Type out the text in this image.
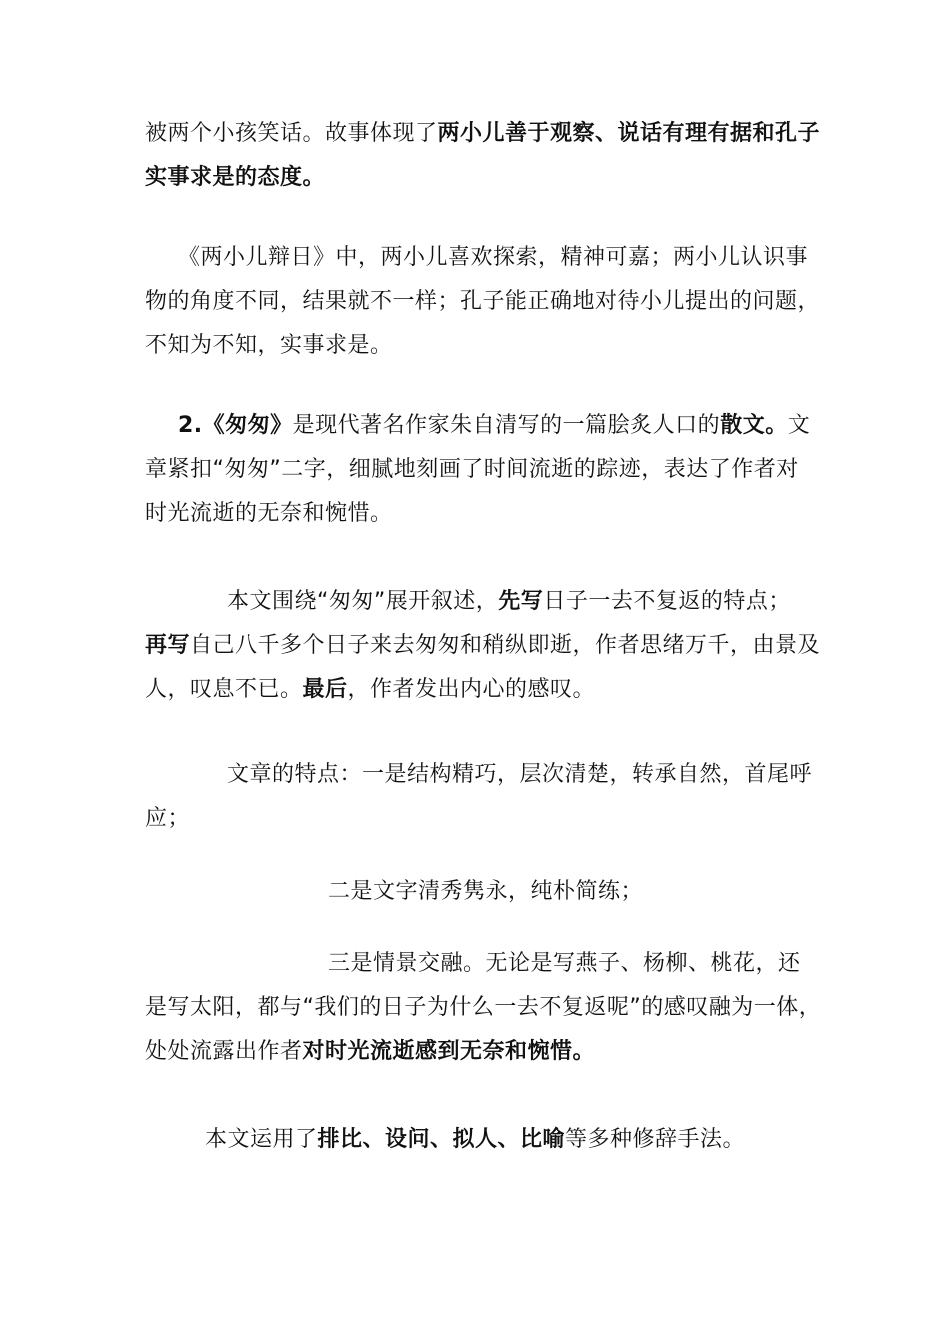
被两个小孩笑话。故事体现了两小儿善于观察、说话有理有据和孔子
实事求是的态度。

《两小儿辩日》中，两小儿喜欢探索，精神可嘉；两小儿认识事
物的角度不同，结果就不一样；孔子能正确地对待小儿提出的问题，
不知为不知，实事求是。

2.《匆匆》是现代著名作家朱自清写的一篇脍炙人口的散文。文
章紧扣“匆匆”二字，细腻地刻画了时间流逝的踪迹，表达了作者对
时光流逝的无奈和惋惜。

本文围绕“匆匆”展开叙述，先写日子一去不复返的特点；
再写自己八千多个日子来去匆匆和稍纵即逝，作者思绪万千，由景及
人，叹息不已。最后，作者发出内心的感叹。

文章的特点：一是结构精巧，层次清楚，转承自然，首尾呼
应；

二是文字清秀隽永，纯朴简练；

三是情景交融。无论是写燕子、杨柳、桃花，还
是写太阳，都与“我们的日子为什么一去不复返呢”的感叹融为一体，
处处流露出作者对时光流逝感到无奈和惋惜。

本文运用了排比、设问、拟人、比喻等多种修辞手法。
